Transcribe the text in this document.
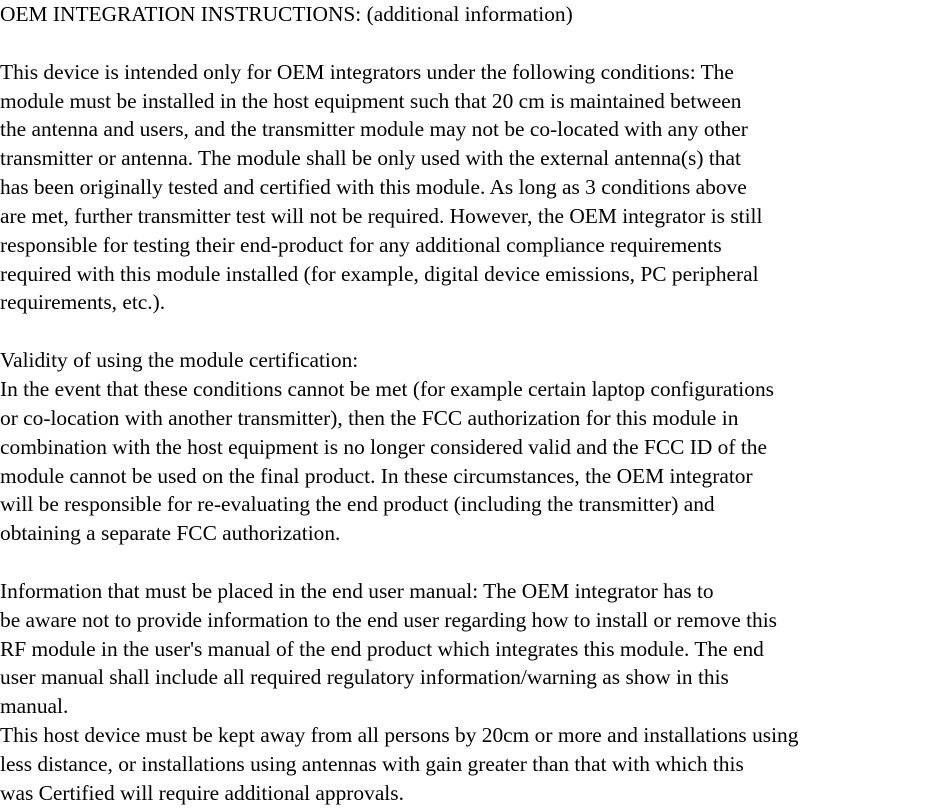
OEM INTEGRATION INSTRUCTIONS: (additional information)
This device is intended only for OEM integrators under the following conditions: The
module must be installed in the host equipment such that 20 cm is maintained between
the antenna and users, and the transmitter module may not be co-located with any other
transmitter or antenna. The module shall be only used with the external antenna(s) that
has been originally tested and certified with this module. As long as 3 conditions above
are met, further transmitter test will not be required. However, the OEM integrator is still
responsible for testing their end-product for any additional compliance requirements
required with this module installed (for example, digital device emissions, PC peripheral
requirements, etc.).
Validity of using the module certification:
In the event that these conditions cannot be met (for example certain laptop configurations
or co-location with another transmitter), then the FCC authorization for this module in
combination with the host equipment is no longer considered valid and the FCC ID of the
module cannot be used on the final product. In these circumstances, the OEM integrator
will be responsible for re-evaluating the end product (including the transmitter) and
obtaining a separate FCC authorization.
Information that must be placed in the end user manual: The OEM integrator has to
be aware not to provide information to the end user regarding how to install or remove this
RF module in the user's manual of the end product which integrates this module. The end
user manual shall include all required regulatory information/warning as show in this
manual.
This host device must be kept away from all persons by 20cm or more and installations using
less distance, or installations using antennas with gain greater than that with which this
was Certified will require additional approvals.
